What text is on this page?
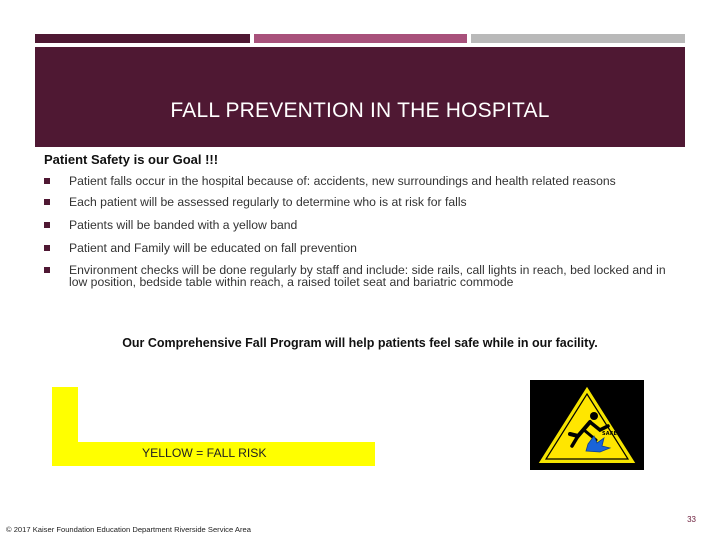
FALL PREVENTION IN THE HOSPITAL
Patient Safety is our Goal !!!
Patient falls occur in the hospital because of: accidents, new surroundings and health related reasons
Each patient will be assessed regularly to determine who is at risk for falls
Patients will be banded with a yellow band
Patient and Family will be educated on fall prevention
Environment checks will be done regularly by staff and include: side rails, call lights in reach, bed locked and in low position, bedside table within reach, a raised toilet seat and bariatric commode
Our Comprehensive Fall Program will help patients feel safe while in our facility.
YELLOW = FALL RISK
SAFETY
© 2017 Kaiser Foundation Education Department Riverside Service Area
33
